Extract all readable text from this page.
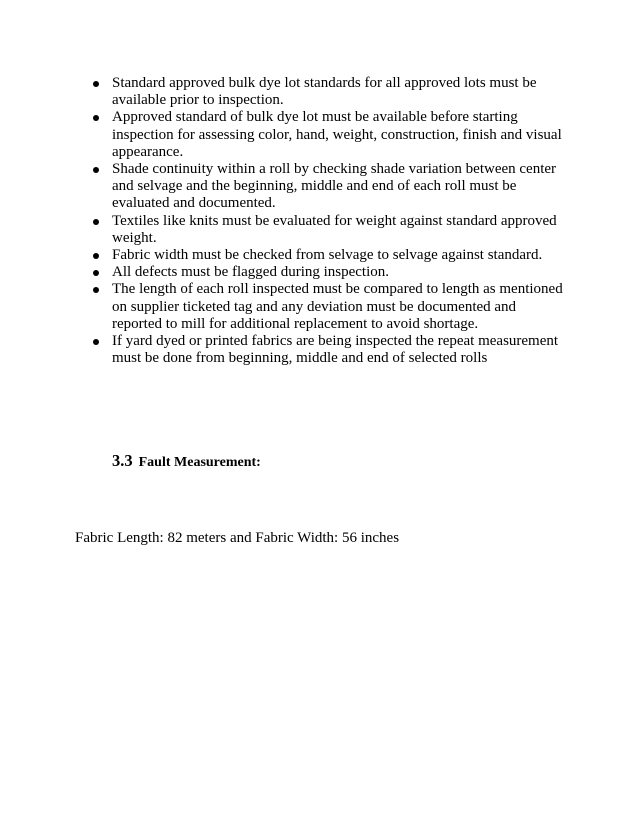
Standard approved bulk dye lot standards for all approved lots must be available prior to inspection.
Approved standard of bulk dye lot must be available before starting inspection for assessing color, hand, weight, construction, finish and visual appearance.
Shade continuity within a roll by checking shade variation between center and selvage and the beginning, middle and end of each roll must be evaluated and documented.
Textiles like knits must be evaluated for weight against standard approved weight.
Fabric width must be checked from selvage to selvage against standard.
All defects must be flagged during inspection.
The length of each roll inspected must be compared to length as mentioned on supplier ticketed tag and any deviation must be documented and reported to mill for additional replacement to avoid shortage.
If yard dyed or printed fabrics are being inspected the repeat measurement must be done from beginning, middle and end of selected rolls
3.3 Fault Measurement:
Fabric Length: 82 meters and Fabric Width: 56 inches
